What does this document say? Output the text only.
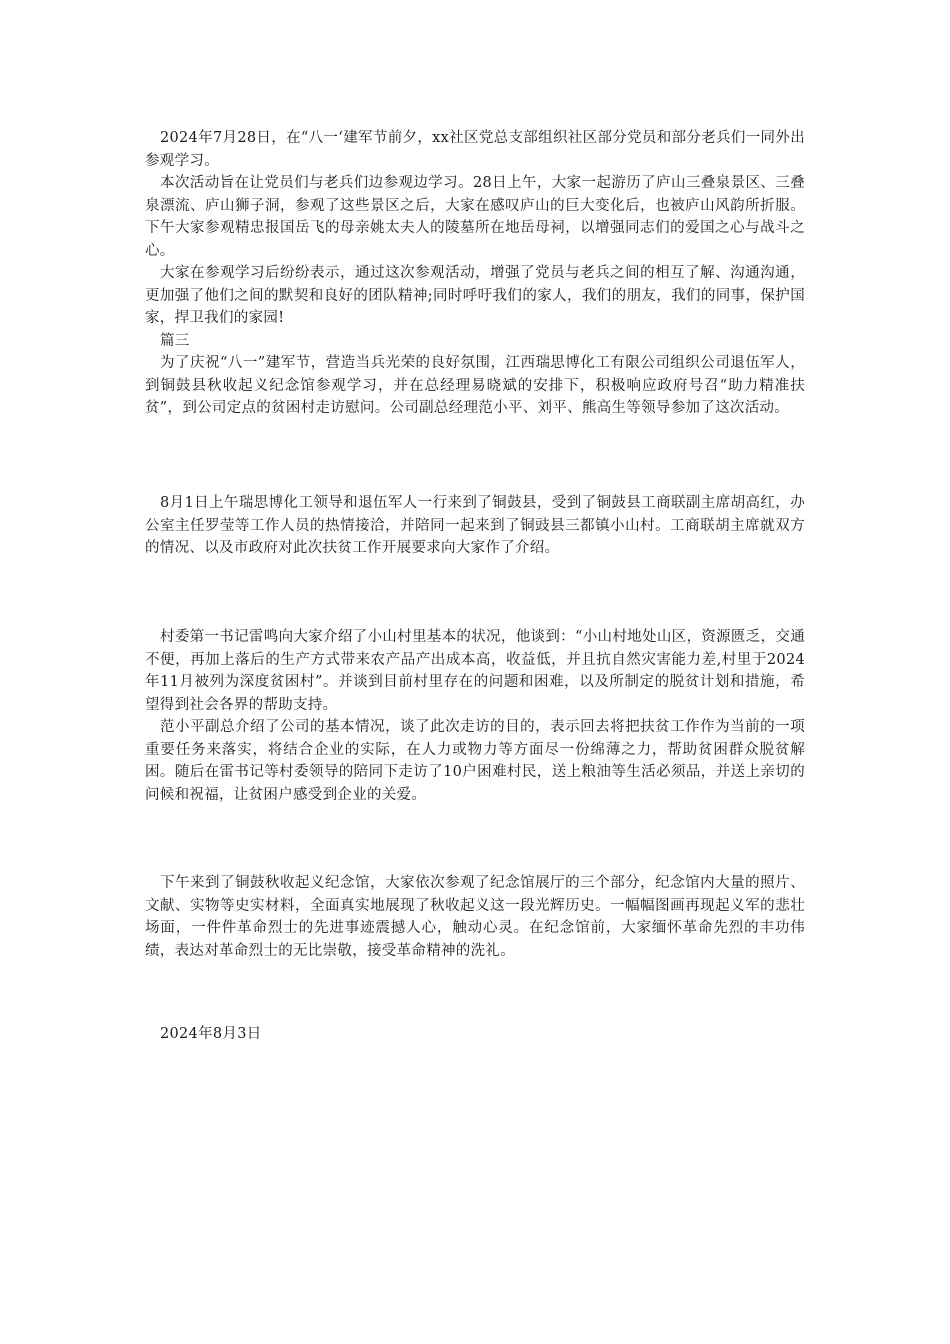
2024年7月28日，在“八一‘建军节前夕，xx社区党总支部组织社区部分党员和部分老兵们一同外出参观学习。

本次活动旨在让党员们与老兵们边参观边学习。28日上午，大家一起游历了庐山三叠泉景区、三叠泉漂流、庐山狮子洞，参观了这些景区之后，大家在感叹庐山的巨大变化后，也被庐山风韵所折服。下午大家参观精忠报国岳飞的母亲姚太夫人的陵墓所在地岳母祠，以增强同志们的爱国之心与战斗之心。

大家在参观学习后纷纷表示，通过这次参观活动，增强了党员与老兵之间的相互了解、沟通沟通，更加强了他们之间的默契和良好的团队精神;同时呼吁我们的家人，我们的朋友，我们的同事，保护国家，捍卫我们的家园!

篇三

为了庆祝“八一”建军节，营造当兵光荣的良好氛围，江西瑞思博化工有限公司组织公司退伍军人，到铜鼓县秋收起义纪念馆参观学习，并在总经理易晓斌的安排下，积极响应政府号召“助力精准扶贫”，到公司定点的贫困村走访慰问。公司副总经理范小平、刘平、熊高生等领导参加了这次活动。

8月1日上午瑞思博化工领导和退伍军人一行来到了铜鼓县，受到了铜鼓县工商联副主席胡高红，办公室主任罗莹等工作人员的热情接洽，并陪同一起来到了铜豉县三都镇小山村。工商联胡主席就双方的情况、以及市政府对此次扶贫工作开展要求向大家作了介绍。

村委第一书记雷鸣向大家介绍了小山村里基本的状况，他谈到：“小山村地处山区，资源匮乏，交通不便，再加上落后的生产方式带来农产品产出成本高，收益低，并且抗自然灾害能力差,村里于2024年11月被列为深度贫困村”。并谈到目前村里存在的问题和困难，以及所制定的脱贫计划和措施，希望得到社会各界的帮助支持。

范小平副总介绍了公司的基本情况，谈了此次走访的目的，表示回去将把扶贫工作作为当前的一项重要任务来落实，将结合企业的实际，在人力或物力等方面尽一份绵薄之力，帮助贫困群众脱贫解困。随后在雷书记等村委领导的陪同下走访了10户困难村民，送上粮油等生活必须品，并送上亲切的问候和祝福，让贫困户感受到企业的关爱。

下午来到了铜鼓秋收起义纪念馆，大家依次参观了纪念馆展厅的三个部分，纪念馆内大量的照片、文献、实物等史实材料，全面真实地展现了秋收起义这一段光辉历史。一幅幅图画再现起义军的悲壮场面，一件件革命烈士的先进事迹震撼人心，触动心灵。在纪念馆前，大家缅怀革命先烈的丰功伟绩，表达对革命烈士的无比崇敬，接受革命精神的洗礼。

2024年8月3日
